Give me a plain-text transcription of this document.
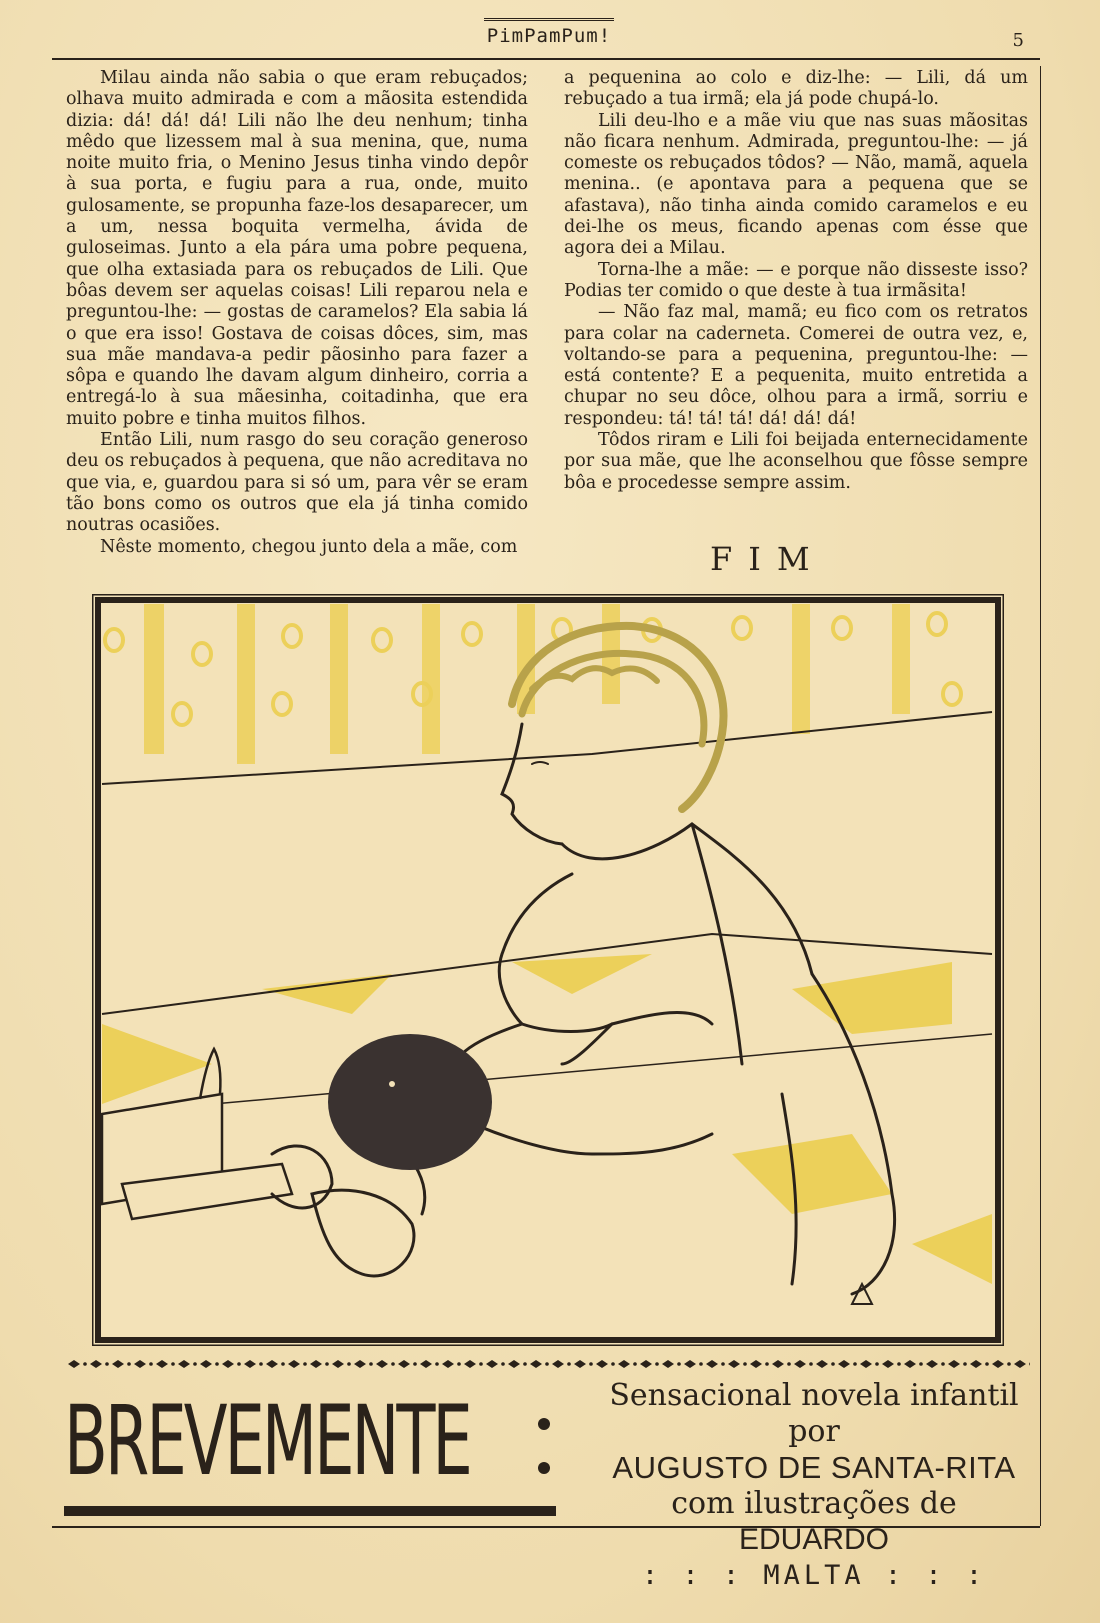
PimPamPum!	5

Milau ainda não sabia o que eram rebuçados; olhava muito admirada e com a mãosita estendida dizia: dá! dá! dá! Lili não lhe deu nenhum; tinha mêdo que lizessem mal à sua menina, que, numa noite muito fria, o Menino Jesus tinha vindo depôr à sua porta, e fugiu para a rua, onde, muito gulosamente, se propunha faze-los desaparecer, um a um, nessa boquita vermelha, ávida de guloseimas. Junto a ela pára uma pobre pequena, que olha extasiada para os rebuçados de Lili. Que bôas devem ser aquelas coisas! Lili reparou nela e preguntou-lhe: — gostas de caramelos? Ela sabia lá o que era isso! Gostava de coisas dôces, sim, mas sua mãe mandava-a pedir pãosinho para fazer a sôpa e quando lhe davam algum dinheiro, corria a entregá-lo à sua mãesinha, coitadinha, que era muito pobre e tinha muitos filhos.

Então Lili, num rasgo do seu coração generoso deu os rebuçados à pequena, que não acreditava no que via, e, guardou para si só um, para vêr se eram tão bons como os outros que ela já tinha comido noutras ocasiões.

Nêste momento, chegou junto dela a mãe, com

a pequenina ao colo e diz-lhe: — Lili, dá um rebuçado a tua irmã; ela já pode chupá-lo.

Lili deu-lho e a mãe viu que nas suas mãositas não ficara nenhum. Admirada, preguntou-lhe: — já comeste os rebuçados tôdos? — Não, mamã, aquela menina.. (e apontava para a pequena que se afastava), não tinha ainda comido caramelos e eu dei-lhe os meus, ficando apenas com ésse que agora dei a Milau.

Torna-lhe a mãe: — e porque não disseste isso? Podias ter comido o que deste à tua irmãsita!

— Não faz mal, mamã; eu fico com os retratos para colar na caderneta. Comerei de outra vez, e, voltando-se para a pequenina, preguntou-lhe: — está contente? E a pequenita, muito entretida a chupar no seu dôce, olhou para a irmã, sorriu e respondeu: tá! tá! tá! dá! dá! dá!

Tôdos riram e Lili foi beijada enternecidamente por sua mãe, que lhe aconselhou que fôsse sempre bôa e procedesse sempre assim.

FIM
BREVEMENTE	Sensacional novela infantil por
AUGUSTO DE SANTA-RITA
com ilustrações de EDUARDO
: : : MALTA : : :
